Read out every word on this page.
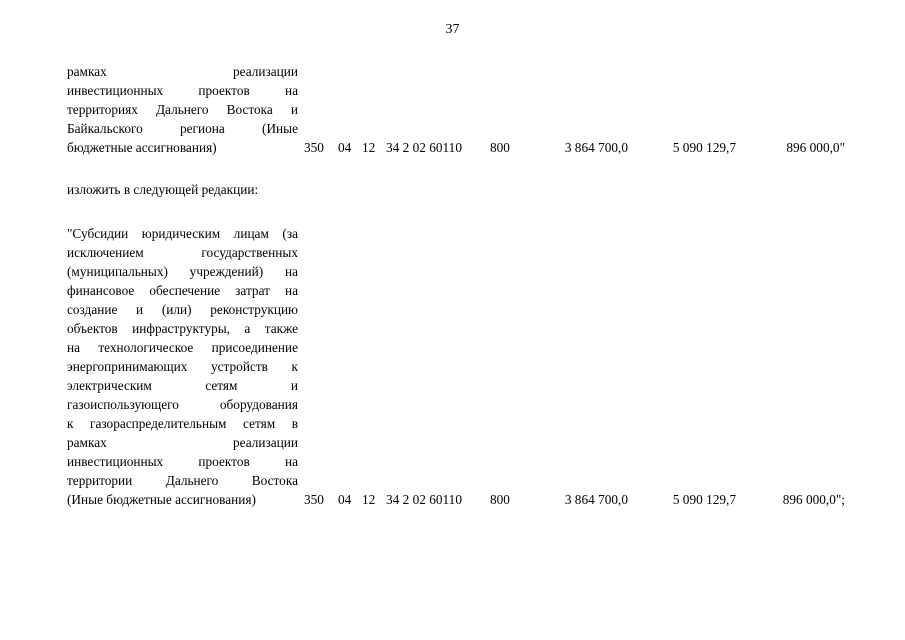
37
рамках реализации
инвестиционных проектов на
территориях Дальнего Востока и
Байкальского региона (Иные
бюджетные ассигнования)	350 04 12 34 2 02 60110 800	3 864 700,0	5 090 129,7	896 000,0"
изложить в следующей редакции:
"Субсидии юридическим лицам (за
исключением государственных
(муниципальных) учреждений) на
финансовое обеспечение затрат на
создание и (или) реконструкцию
объектов инфраструктуры, а также
на технологическое присоединение
энергопринимающих устройств к
электрическим сетям и
газоиспользующего оборудования
к газораспределительным сетям в
рамках реализации
инвестиционных проектов на
территории Дальнего Востока
(Иные бюджетные ассигнования)	350 04 12 34 2 02 60110 800	3 864 700,0	5 090 129,7	896 000,0";
